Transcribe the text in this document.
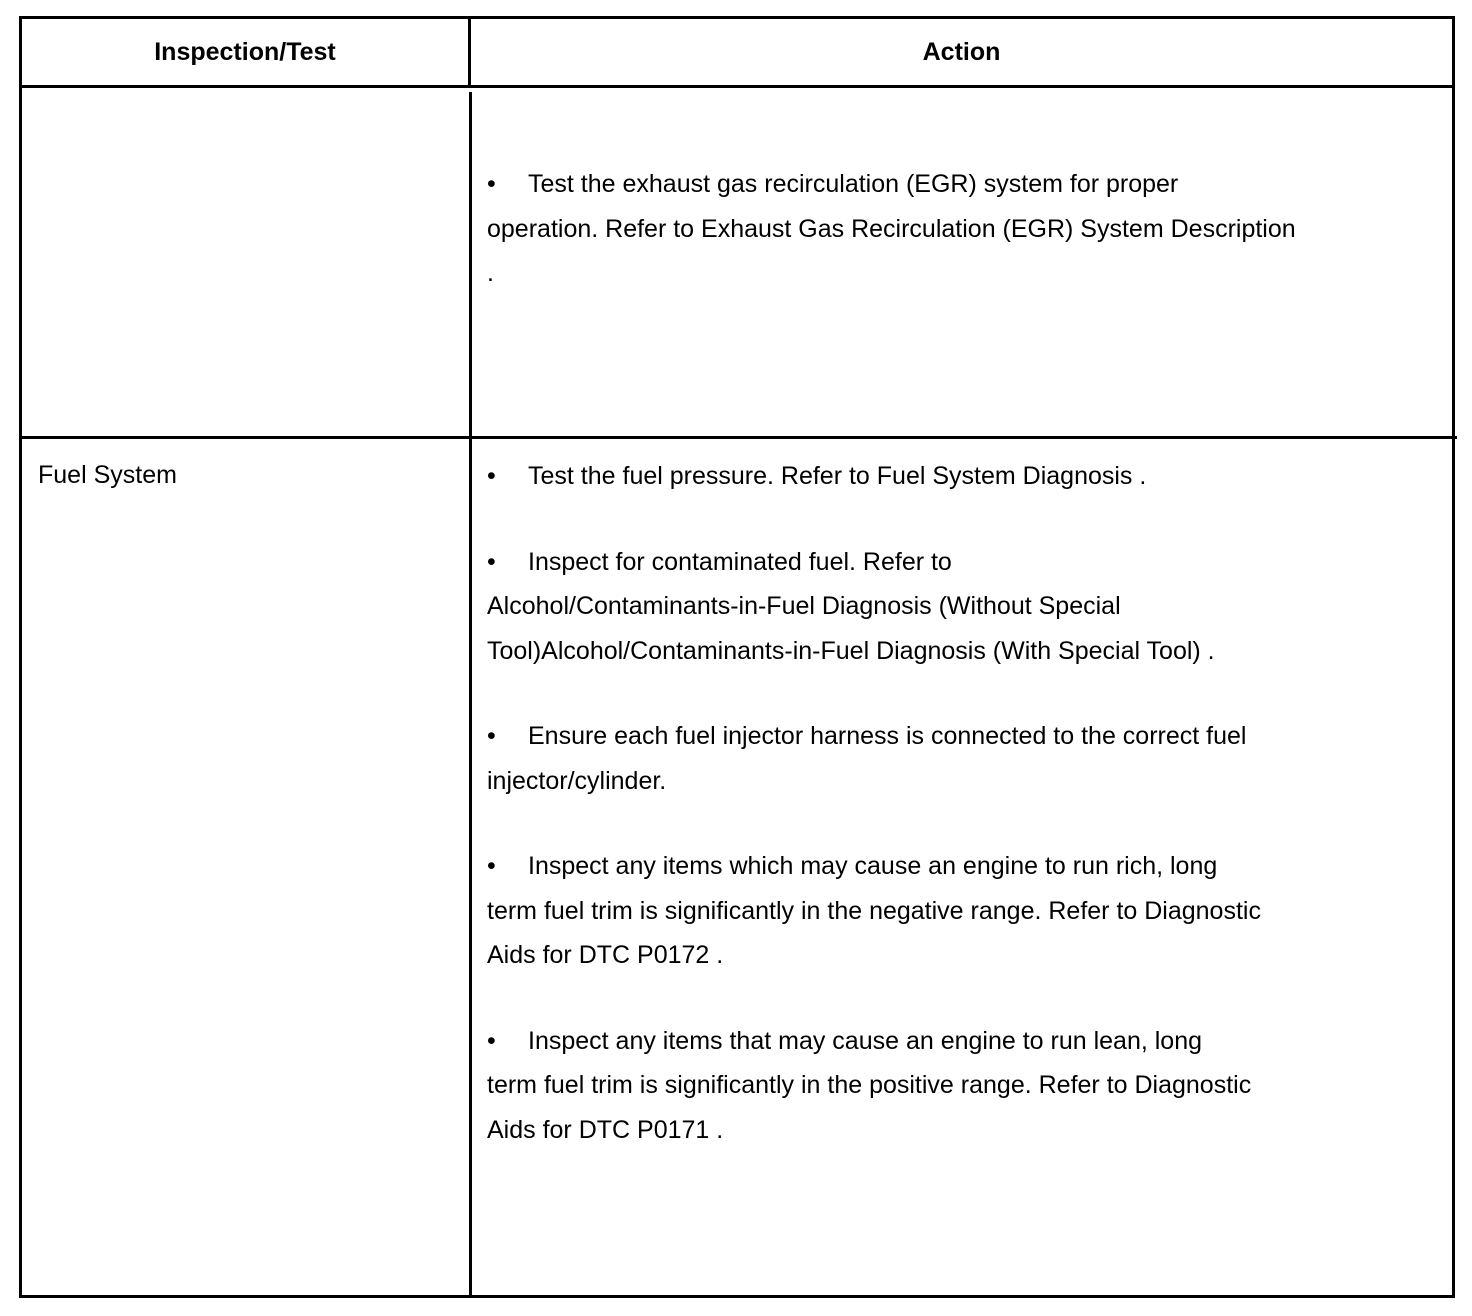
Inspection/Test	Action
• Test the exhaust gas recirculation (EGR) system for proper
operation. Refer to Exhaust Gas Recirculation (EGR) System Description
.
Fuel System	• Test the fuel pressure. Refer to Fuel System Diagnosis .
• Inspect for contaminated fuel. Refer to
Alcohol/Contaminants-in-Fuel Diagnosis (Without Special
Tool)Alcohol/Contaminants-in-Fuel Diagnosis (With Special Tool) .
• Ensure each fuel injector harness is connected to the correct fuel
injector/cylinder.
• Inspect any items which may cause an engine to run rich, long
term fuel trim is significantly in the negative range. Refer to Diagnostic
Aids for DTC P0172 .
• Inspect any items that may cause an engine to run lean, long
term fuel trim is significantly in the positive range. Refer to Diagnostic
Aids for DTC P0171 .
